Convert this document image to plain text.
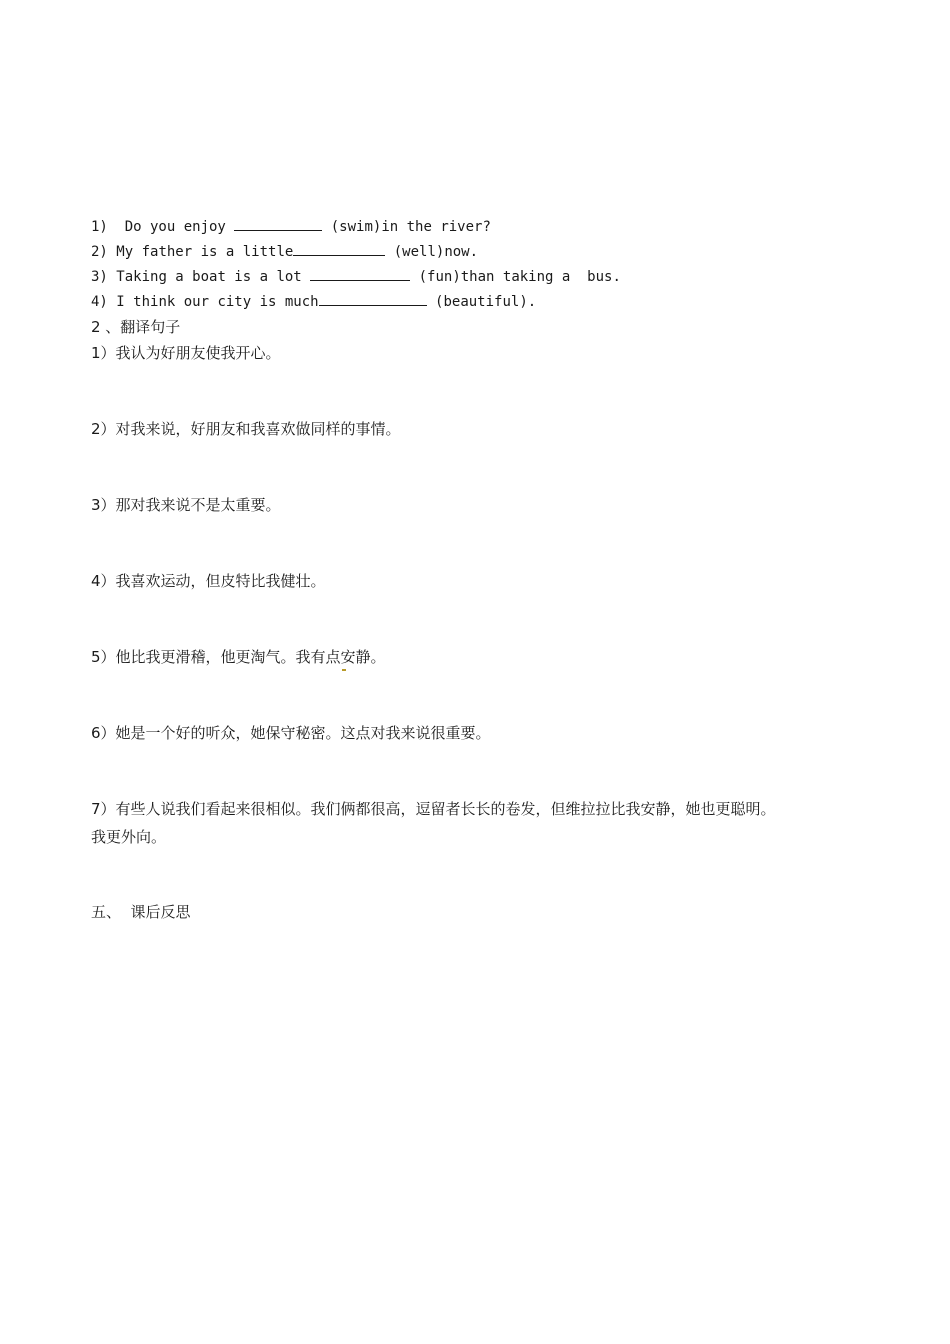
1) Do you enjoy	(swim)in the river?
2) My father is a little	(well)now.
3) Taking a boat is a lot	(fun)than taking a  bus.
4) I think our city is much	(beautiful).
2 、翻译句子
1）我认为好朋友使我开心。
2）对我来说，好朋友和我喜欢做同样的事情。
3）那对我来说不是太重要。
4）我喜欢运动，但皮特比我健壮。
5）他比我更滑稽，他更淘气。我有点安静。
6）她是一个好的听众，她保守秘密。这点对我来说很重要。
7）有些人说我们看起来很相似。我们俩都很高，逗留者长长的卷发，但维拉拉比我安静，她也更聪明。我更外向。
五、  课后反思
